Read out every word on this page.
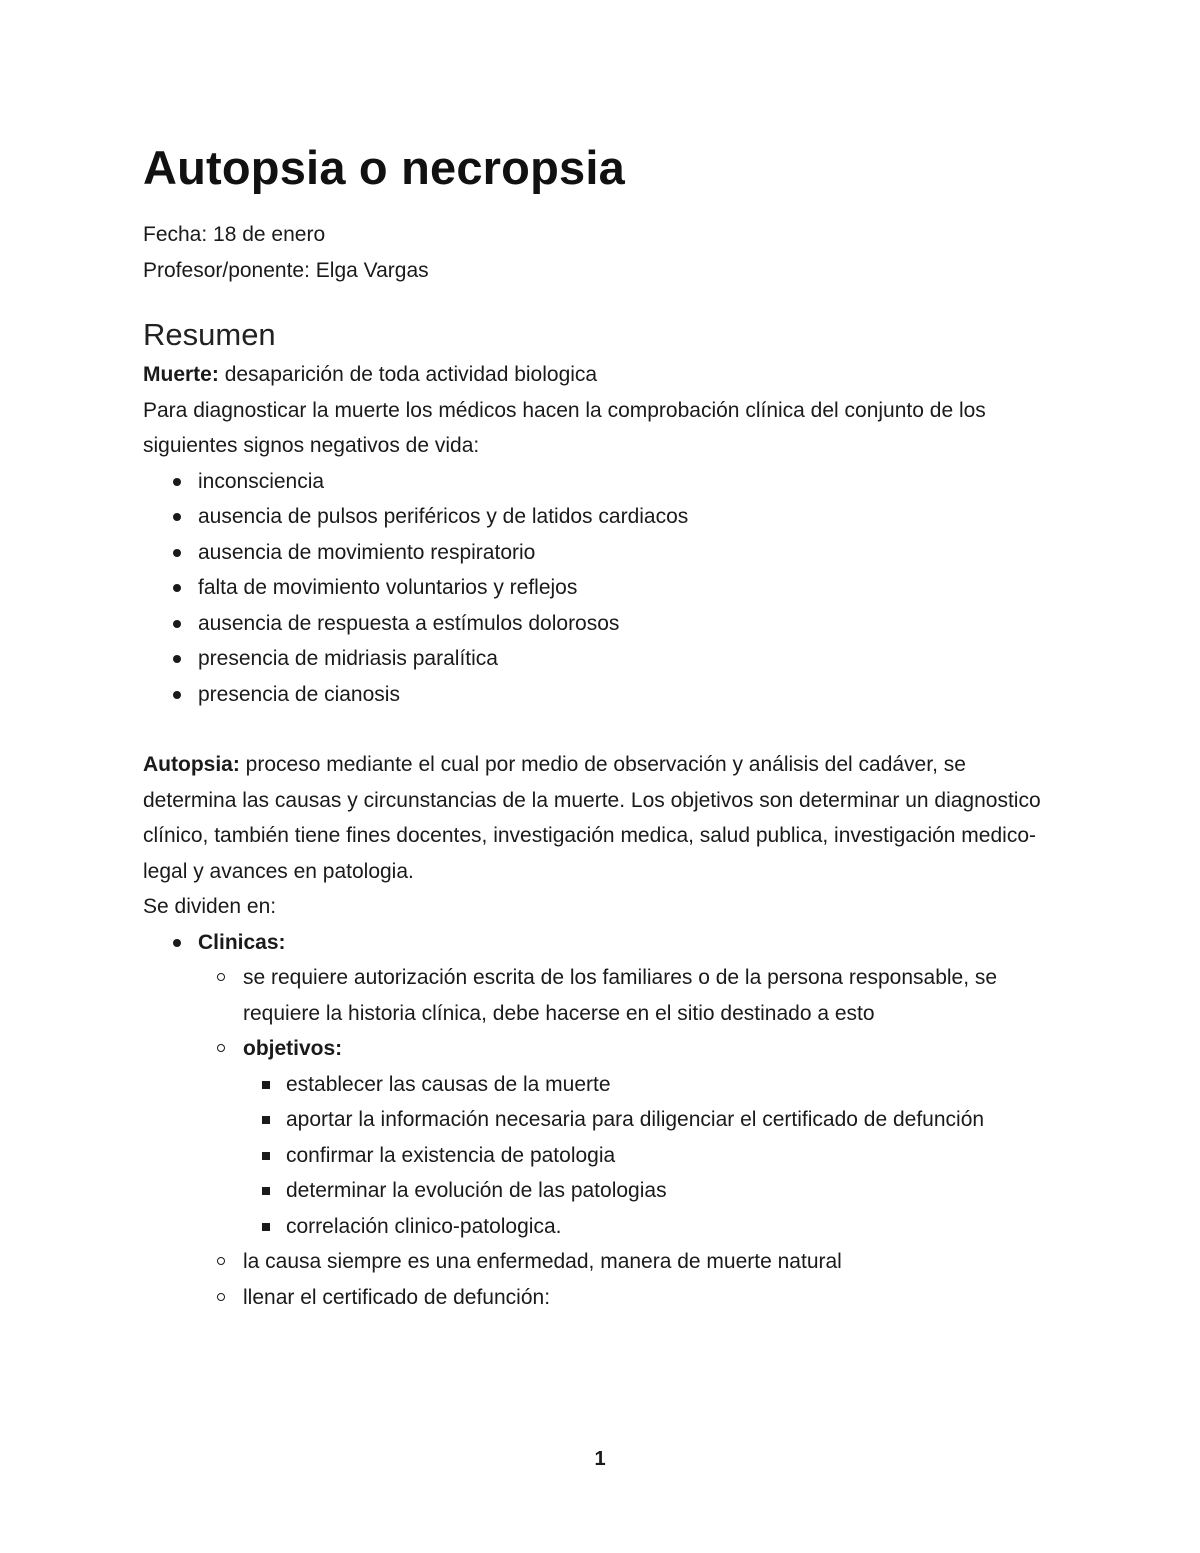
Autopsia o necropsia
Fecha: 18 de enero
Profesor/ponente: Elga Vargas
Resumen

Muerte: desaparición de toda actividad biologica

Para diagnosticar la muerte los médicos hacen la comprobación clínica del conjunto de los siguientes signos negativos de vida:

inconsciencia
ausencia de pulsos periféricos y de latidos cardiacos
ausencia de movimiento respiratorio
falta de movimiento voluntarios y reflejos
ausencia de respuesta a estímulos dolorosos
presencia de midriasis paralítica
presencia de cianosis

Autopsia: proceso mediante el cual por medio de observación y análisis del cadáver, se determina las causas y circunstancias de la muerte. Los objetivos son determinar un diagnostico clínico, también tiene fines docentes, investigación medica, salud publica, investigación medico-legal y avances en patologia.

Se dividen en:

Clinicas:
se requiere autorización escrita de los familiares o de la persona responsable, se requiere la historia clínica, debe hacerse en el sitio destinado a esto
objetivos:
establecer las causas de la muerte
aportar la información necesaria para diligenciar el certificado de defunción
confirmar la existencia de patologia
determinar la evolución de las patologias
correlación clinico-patologica.
la causa siempre es una enfermedad, manera de muerte natural
llenar el certificado de defunción:
1
